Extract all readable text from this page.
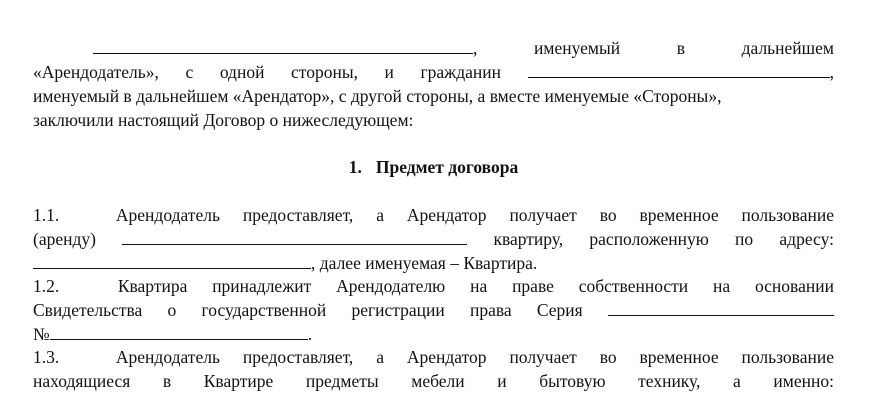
,	именуемый	в	дальнейшем
«Арендодатель», с одной стороны, и гражданин	,
именуемый в дальнейшем «Арендатор», с другой стороны, а вместе именуемые «Стороны»,
заключили настоящий Договор о нижеследующем:
1. Предмет договора
1.1.	Арендодатель предоставляет, а Арендатор получает во временное пользование
(аренду)	квартиру, расположенную по адресу:
, далее именуемая – Квартира.
1.2.	Квартира принадлежит Арендодателю на праве собственности на основании
Свидетельства о государственной регистрации права Серия
№	.
1.3.	Арендодатель предоставляет, а Арендатор получает во временное пользование
находящиеся в Квартире предметы мебели и бытовую технику, а именно:
